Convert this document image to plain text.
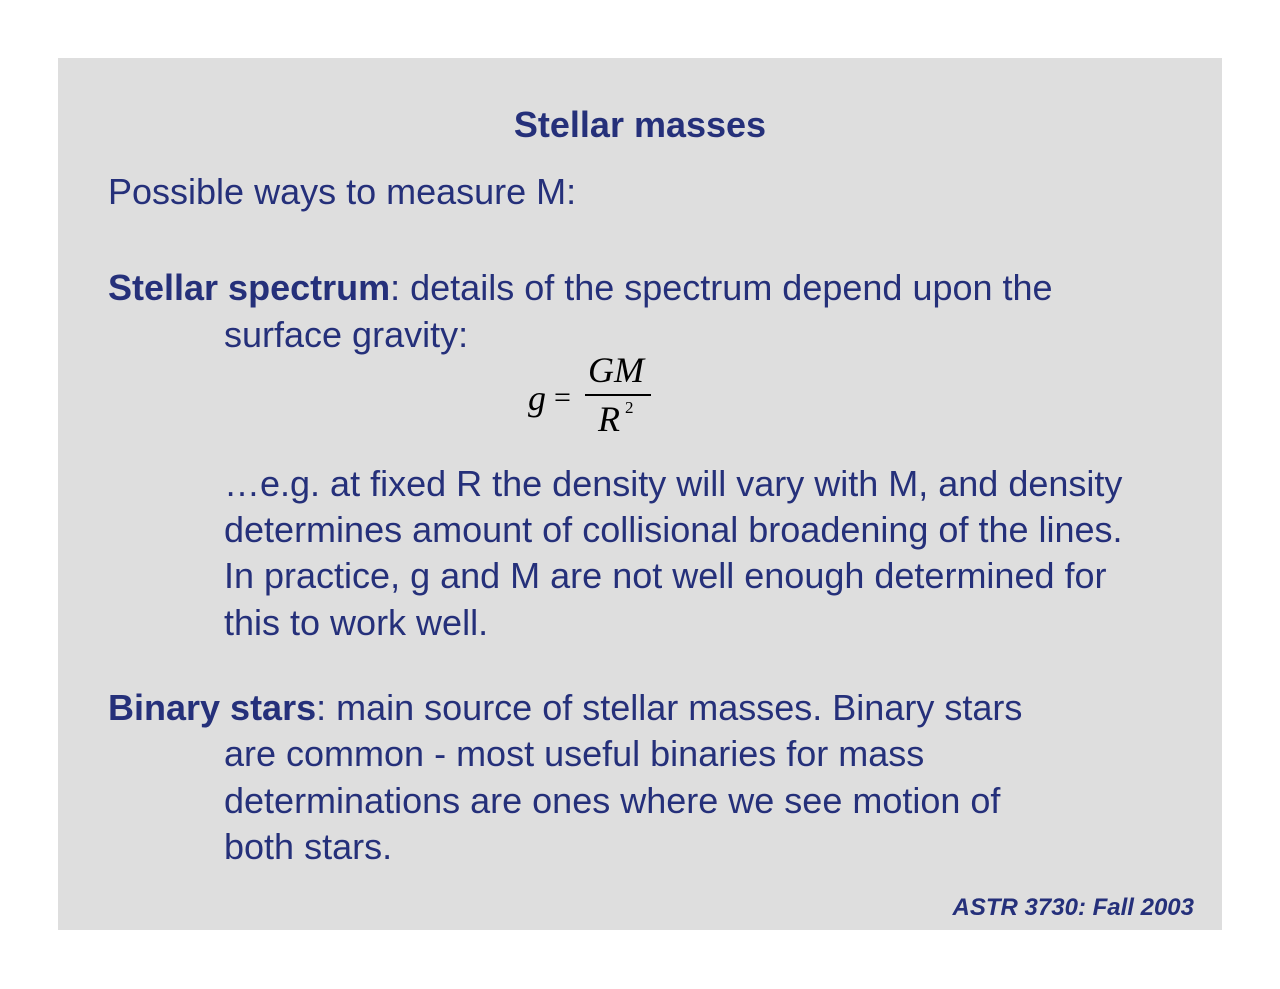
Stellar masses
Possible ways to measure M:
Stellar spectrum: details of the spectrum depend upon the
surface gravity:
g =
GM
R 2
…e.g. at fixed R the density will vary with M, and density
determines amount of collisional broadening of the lines.
In practice, g and M are not well enough determined for
this to work well.
Binary stars: main source of stellar masses. Binary stars
are common - most useful binaries for mass
determinations are ones where we see motion of
both stars.
ASTR 3730: Fall 2003
